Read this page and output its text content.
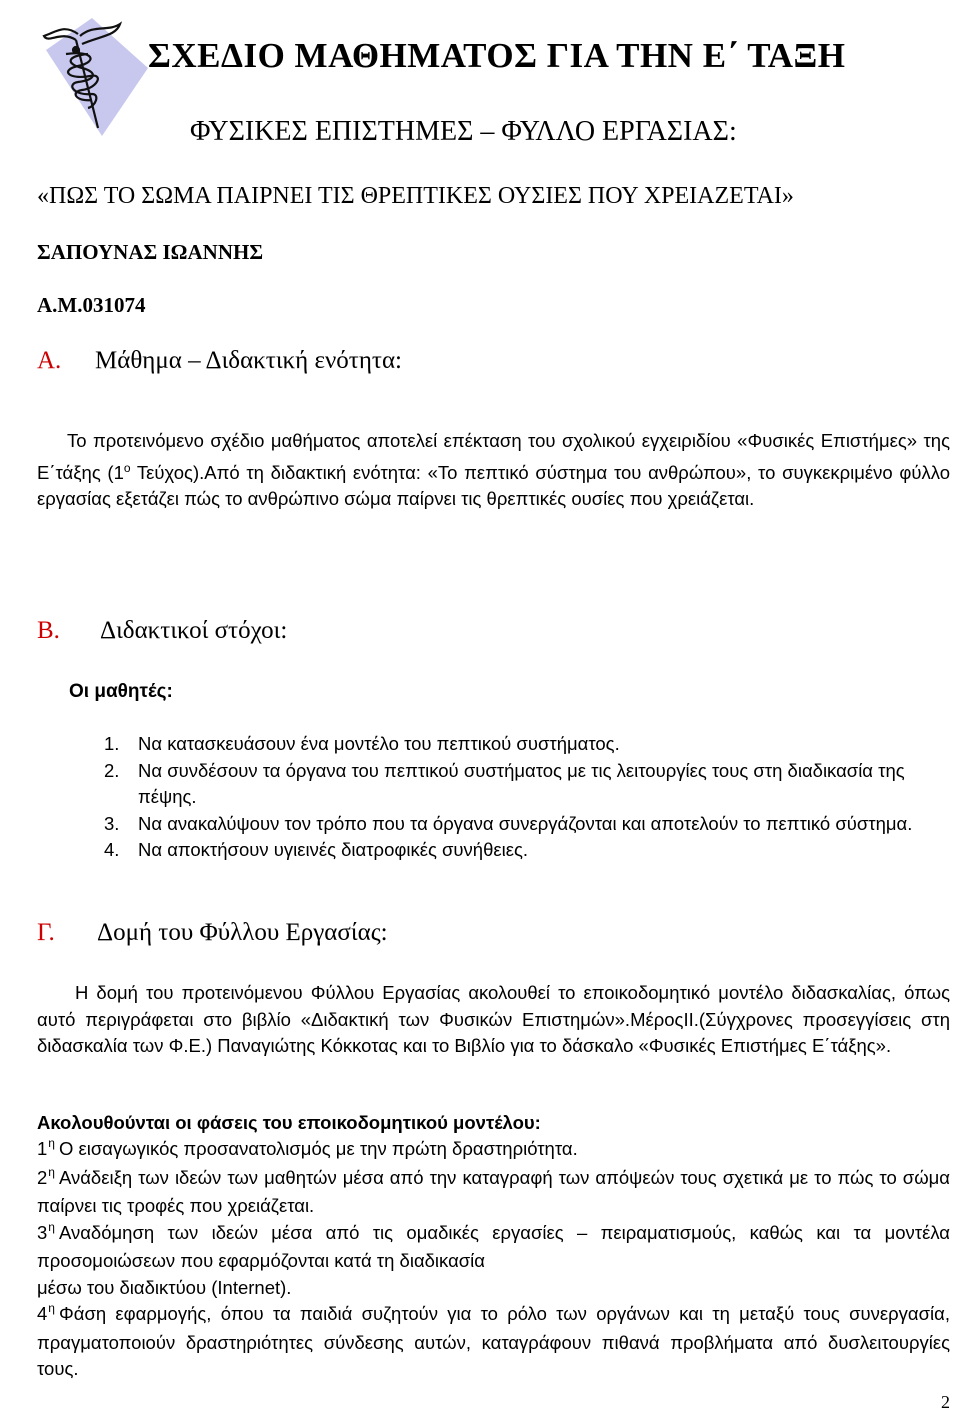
ΣΧΕΔΙΟ ΜΑΘΗΜΑΤΟΣ ΓΙΑ ΤΗΝ Ε΄ ΤΑΞΗ
ΦΥΣΙΚΕΣ ΕΠΙΣΤΗΜΕΣ – ΦΥΛΛΟ ΕΡΓΑΣΙΑΣ:
«ΠΩΣ ΤΟ ΣΩΜΑ ΠΑΙΡΝΕΙ ΤΙΣ ΘΡΕΠΤΙΚΕΣ ΟΥΣΙΕΣ ΠΟΥ ΧΡΕΙΑΖΕΤΑΙ»
ΣΑΠΟΥΝΑΣ ΙΩΑΝΝΗΣ
Α.Μ.031074
Α. Μάθημα – Διδακτική ενότητα:
Το προτεινόμενο σχέδιο μαθήματος αποτελεί επέκταση του σχολικού εγχειριδίου «Φυσικές Επιστήμες» της Ε΄τάξης ($1^o$ Τεύχος).Από τη διδακτική ενότητα: «Το πεπτικό σύστημα του ανθρώπου», το συγκεκριμένο φύλλο εργασίας εξετάζει πώς το ανθρώπινο σώμα παίρνει τις θρεπτικές ουσίες που χρειάζεται.
Β. Διδακτικοί στόχοι:
Οι μαθητές:
1. Να κατασκευάσουν ένα μοντέλο του πεπτικού συστήματος.
2. Να συνδέσουν τα όργανα του πεπτικού συστήματος με τις λειτουργίες τους στη διαδικασία της πέψης.
3. Να ανακαλύψουν τον τρόπο που τα όργανα συνεργάζονται και αποτελούν το πεπτικό σύστημα.
4. Να αποκτήσουν υγιεινές διατροφικές συνήθειες.
Γ. Δομή του Φύλλου Εργασίας:
Η δομή του προτεινόμενου Φύλλου Εργασίας ακολουθεί το εποικοδομητικό μοντέλο διδασκαλίας, όπως αυτό περιγράφεται στο βιβλίο «Διδακτική των Φυσικών Επιστημών».ΜέροςΙΙ.(Σύγχρονες προσεγγίσεις στη διδασκαλία των Φ.Ε.) Παναγιώτης Κόκκοτας και το Βιβλίο για το δάσκαλο «Φυσικές Επιστήμες Ε΄τάξης».
Ακολουθούνται οι φάσεις του εποικοδομητικού μοντέλου:
$1^\eta$ Ο εισαγωγικός προσανατολισμός με την πρώτη δραστηριότητα.
$2^\eta$ Ανάδειξη των ιδεών των μαθητών μέσα από την καταγραφή των απόψεών τους σχετικά με το πώς το σώμα παίρνει τις τροφές που χρειάζεται.
$3^\eta$ Αναδόμηση των ιδεών μέσα από τις ομαδικές εργασίες – πειραματισμούς, καθώς και τα μοντέλα προσομοιώσεων που εφαρμόζονται κατά τη διαδικασία
μέσω του διαδικτύου (Internet).
$4^\eta$ Φάση εφαρμογής, όπου τα παιδιά συζητούν για το ρόλο των οργάνων και τη μεταξύ τους συνεργασία, πραγματοποιούν δραστηριότητες σύνδεσης αυτών, καταγράφουν πιθανά προβλήματα από δυσλειτουργίες τους.
2
